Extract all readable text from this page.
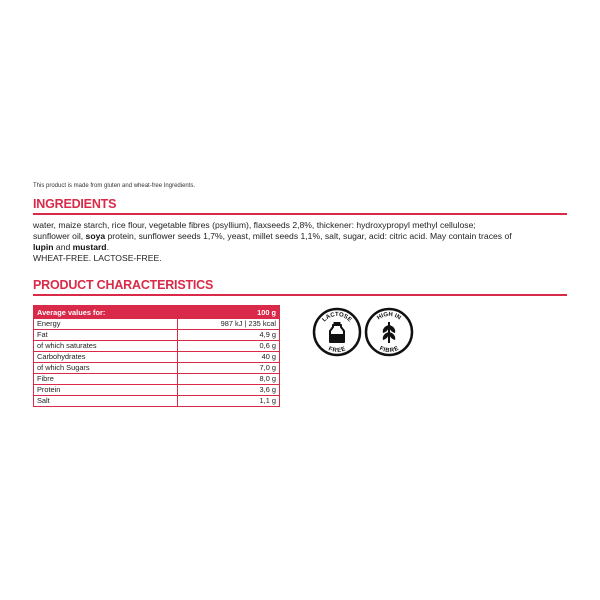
This product is made from gluten and wheat-free Ingredients.
INGREDIENTS
water, maize starch, rice flour, vegetable fibres (psyllium), flaxseeds 2,8%, thickener: hydroxypropyl methyl cellulose;
sunflower oil, soya protein, sunflower seeds 1,7%, yeast, millet seeds 1,1%, salt, sugar, acid: citric acid. May contain traces of
lupin and mustard.
WHEAT-FREE. LACTOSE-FREE.
PRODUCT CHARACTERISTICS
Average values for:	100 g
Energy	987 kJ | 235 kcal
Fat	4,9 g
of which saturates	0,6 g
Carbohydrates	40 g
of which Sugars	7,0 g
Fibre	8,0 g
Protein	3,6 g
Salt	1,1 g
LACTOSE
FREE
HIGH IN
FIBRE
